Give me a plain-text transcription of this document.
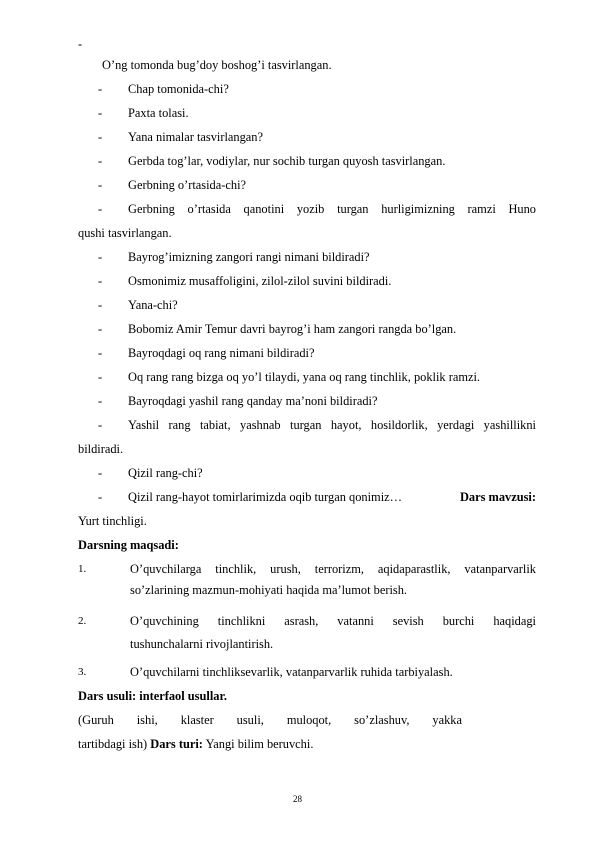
-
O’ng tomonda bug’doy boshog’i tasvirlangan.
- Chap tomonida-chi?
- Paxta tolasi.
- Yana nimalar tasvirlangan?
- Gerbda tog’lar, vodiylar, nur sochib turgan quyosh tasvirlangan.
- Gerbning o’rtasida-chi?
- Gerbning o’rtasida qanotini yozib turgan hurligimizning ramzi Huno
qushi tasvirlangan.
- Bayrog’imizning zangori rangi nimani bildiradi?
- Osmonimiz musaffoligini, zilol-zilol suvini bildiradi.
- Yana-chi?
- Bobomiz Amir Temur davri bayrog’i ham zangori rangda bo’lgan.
- Bayroqdagi oq rang nimani bildiradi?
- Oq rang rang bizga oq yo’l tilaydi, yana oq rang tinchlik, poklik ramzi.
- Bayroqdagi yashil rang qanday ma’noni bildiradi?
- Yashil rang tabiat, yashnab turgan hayot, hosildorlik, yerdagi yashillikni
bildiradi.
- Qizil rang-chi?
- Qizil rang-hayot tomirlarimizda oqib turgan qonimiz…	Dars mavzusi:
Yurt tinchligi.
Darsning maqsadi:
1.	O’quvchilarga tinchlik, urush, terrorizm, aqidaparastlik, vatanparvarlik
so’zlarining mazmun-mohiyati haqida ma’lumot berish.
2.	O’quvchining tinchlikni asrash, vatanni sevish burchi haqidagi
tushunchalarni rivojlantirish.
3.	O’quvchilarni tinchliksevarlik, vatanparvarlik ruhida tarbiyalash.
Dars usuli: interfaol usullar.
(Guruh ishi, klaster usuli, muloqot, so’zlashuv, yakka
tartibdagi ish) Dars turi: Yangi bilim beruvchi.
28
